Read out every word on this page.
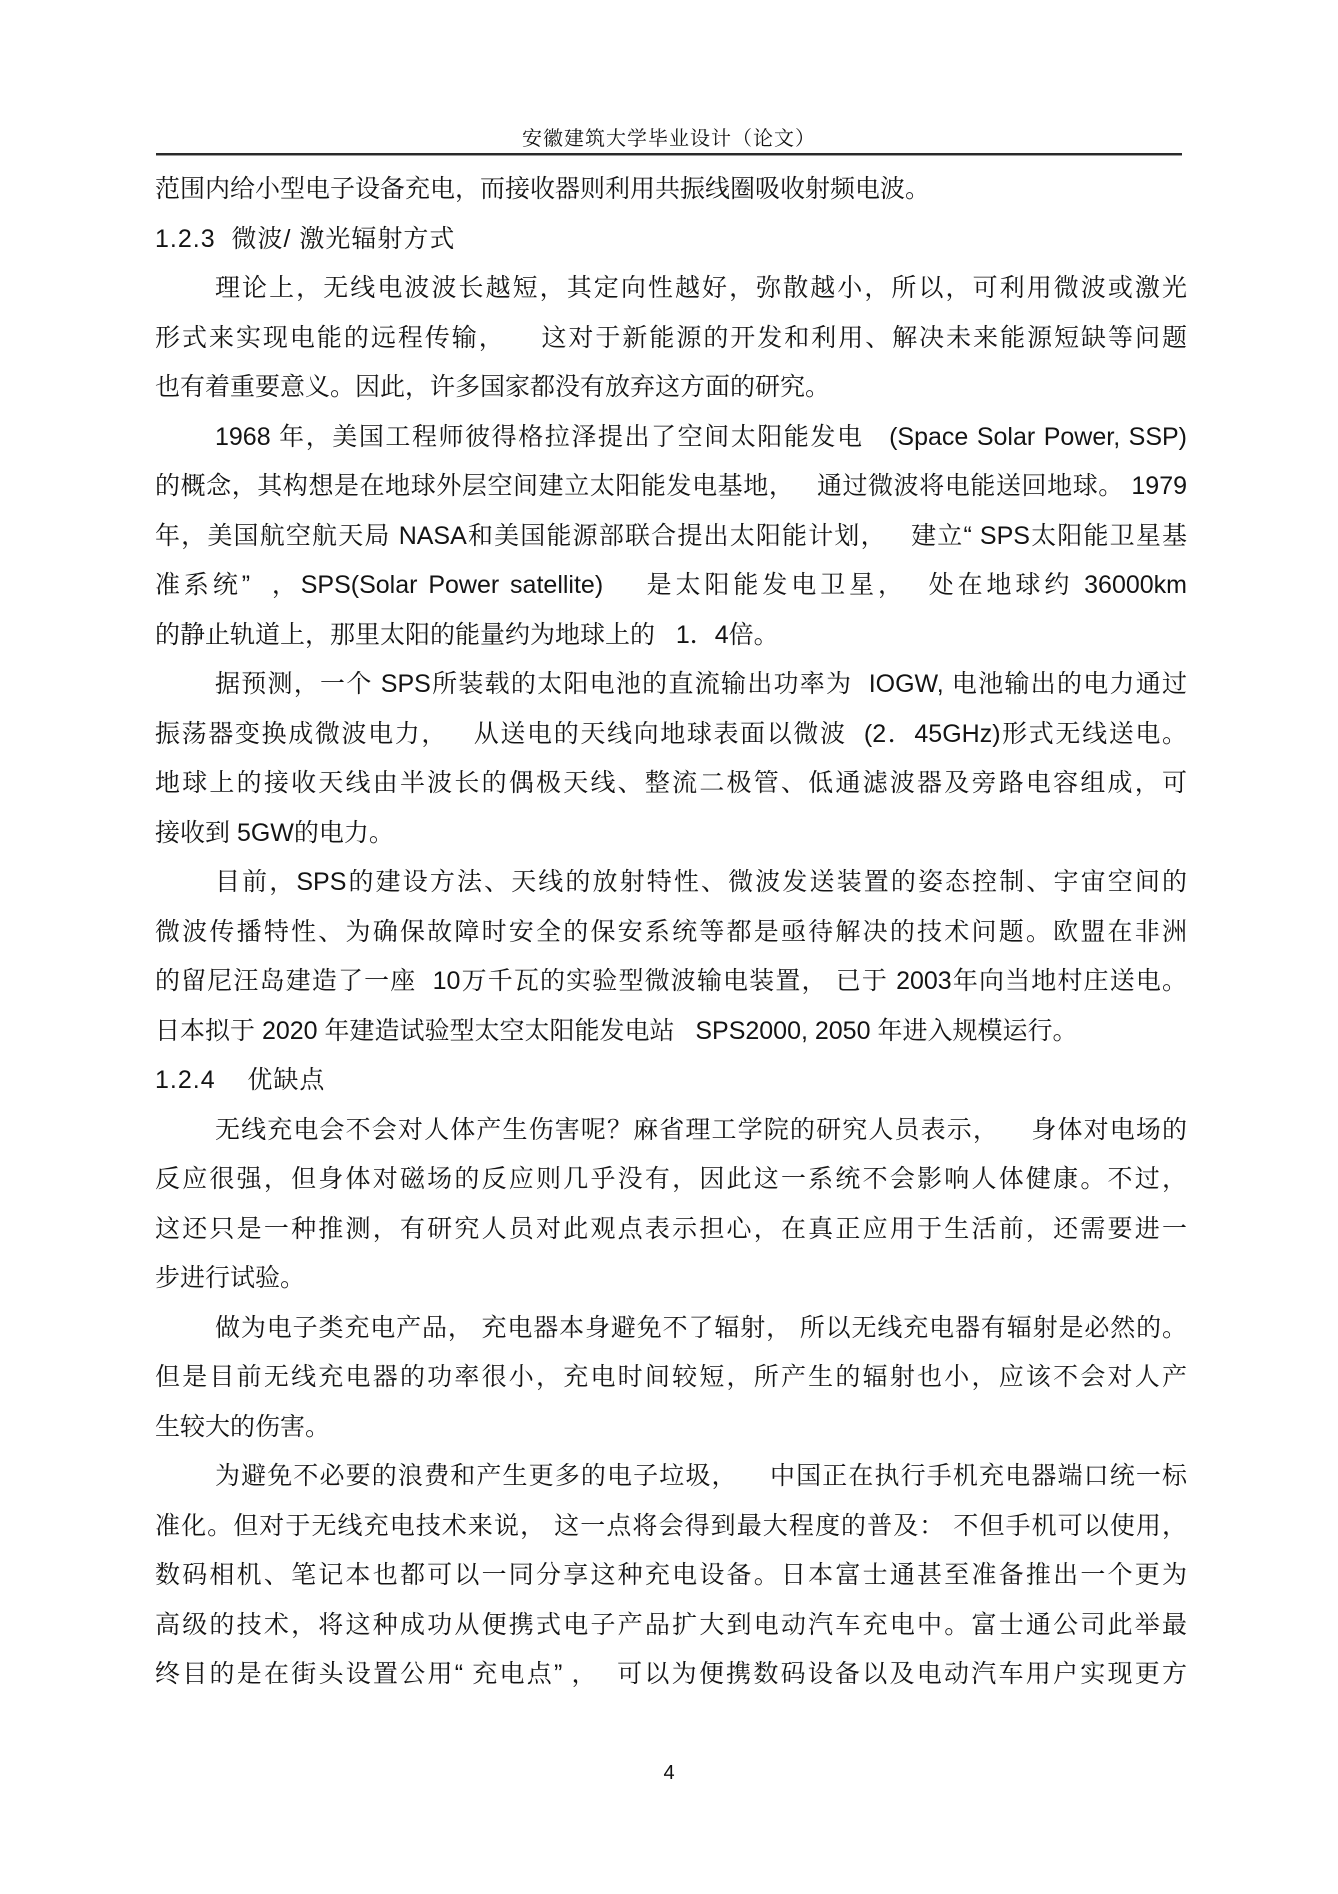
安徽建筑大学毕业设计（论文）
范围内给小型电子设备充电，而接收器则利用共振线圈吸收射频电波。
1.2.3  微波/ 激光辐射方式
理论上，无线电波波长越短，其定向性越好，弥散越小，所以，可利用微波或激光
形式来实现电能的远程传输，    这对于新能源的开发和利用、解决未来能源短缺等问题
也有着重要意义。因此，许多国家都没有放弃这方面的研究。
1968 年，美国工程师彼得格拉泽提出了空间太阳能发电   (Space Solar Power, SSP)
的概念，其构想是在地球外层空间建立太阳能发电基地，   通过微波将电能送回地球。 1979
年，美国航空航天局 NASA和美国能源部联合提出太阳能计划，   建立“ SPS太阳能卫星基
准系统”  ，SPS(Solar Power satellite)    是太阳能发电卫星，  处在地球约 36000km
的静止轨道上，那里太阳的能量约为地球上的   1．4倍。
据预测，一个 SPS所装载的太阳电池的直流输出功率为  IOGW, 电池输出的电力通过
振荡器变换成微波电力，   从送电的天线向地球表面以微波  (2．45GHz)形式无线送电。
地球上的接收天线由半波长的偶极天线、整流二极管、低通滤波器及旁路电容组成，可
接收到 5GW的电力。
目前，SPS的建设方法、天线的放射特性、微波发送装置的姿态控制、宇宙空间的
微波传播特性、为确保故障时安全的保安系统等都是亟待解决的技术问题。欧盟在非洲
的留尼汪岛建造了一座  10万千瓦的实验型微波输电装置， 已于 2003年向当地村庄送电。
日本拟于 2020 年建造试验型太空太阳能发电站   SPS2000, 2050 年进入规模运行。
1.2.4    优缺点
无线充电会不会对人体产生伤害呢？麻省理工学院的研究人员表示，    身体对电场的
反应很强，但身体对磁场的反应则几乎没有，因此这一系统不会影响人体健康。不过，
这还只是一种推测，有研究人员对此观点表示担心，在真正应用于生活前，还需要进一
步进行试验。
做为电子类充电产品， 充电器本身避免不了辐射， 所以无线充电器有辐射是必然的。
但是目前无线充电器的功率很小，充电时间较短，所产生的辐射也小，应该不会对人产
生较大的伤害。
为避免不必要的浪费和产生更多的电子垃圾，    中国正在执行手机充电器端口统一标
准化。但对于无线充电技术来说， 这一点将会得到最大程度的普及： 不但手机可以使用，
数码相机、笔记本也都可以一同分享这种充电设备。日本富士通甚至准备推出一个更为
高级的技术，将这种成功从便携式电子产品扩大到电动汽车充电中。富士通公司此举最
终目的是在街头设置公用“ 充电点” ，  可以为便携数码设备以及电动汽车用户实现更方
4
